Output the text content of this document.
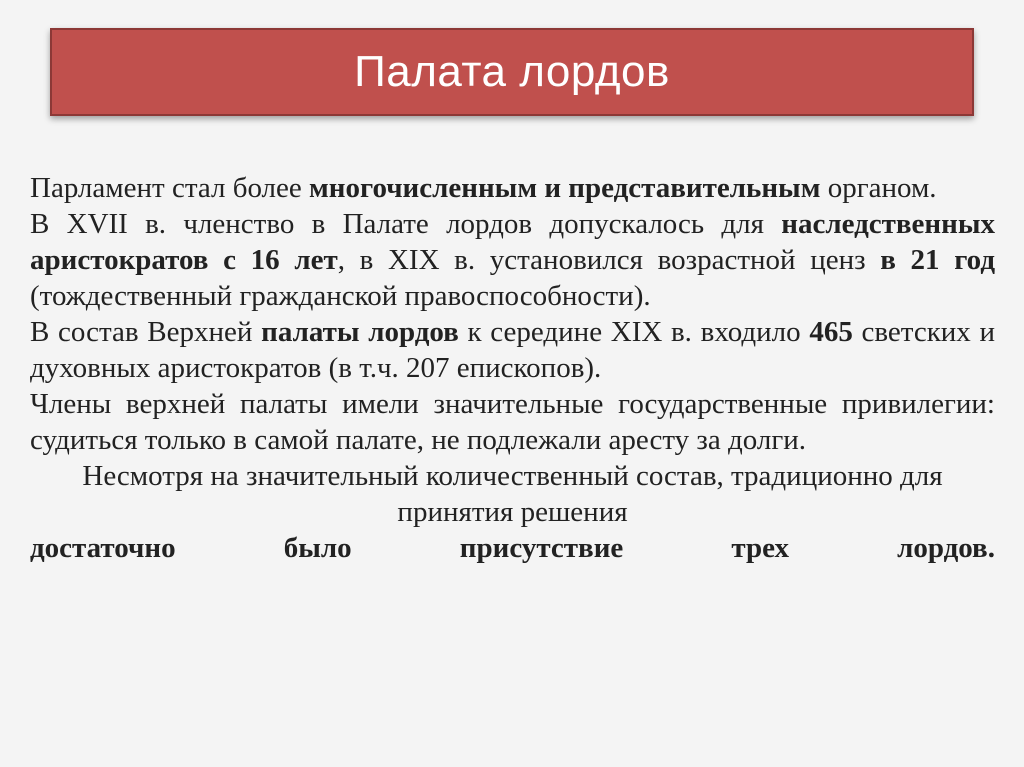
Палата лордов

Парламент стал более многочисленным и представительным органом.

В XVII в. членство в Палате лордов допускалось для наследственных аристократов с 16 лет, в XIX в. установился возрастной ценз в 21 год (тождественный гражданской правоспособности).

В состав Верхней палаты лордов к середине XIX в. входило 465 светских и духовных аристократов (в т.ч. 207 епископов).

Члены верхней палаты имели значительные государственные привилегии: судиться только в самой палате, не подлежали аресту за долги.

Несмотря на значительный количественный состав, традиционно для принятия решения

достаточно	было	присутствие	трех	лордов.
